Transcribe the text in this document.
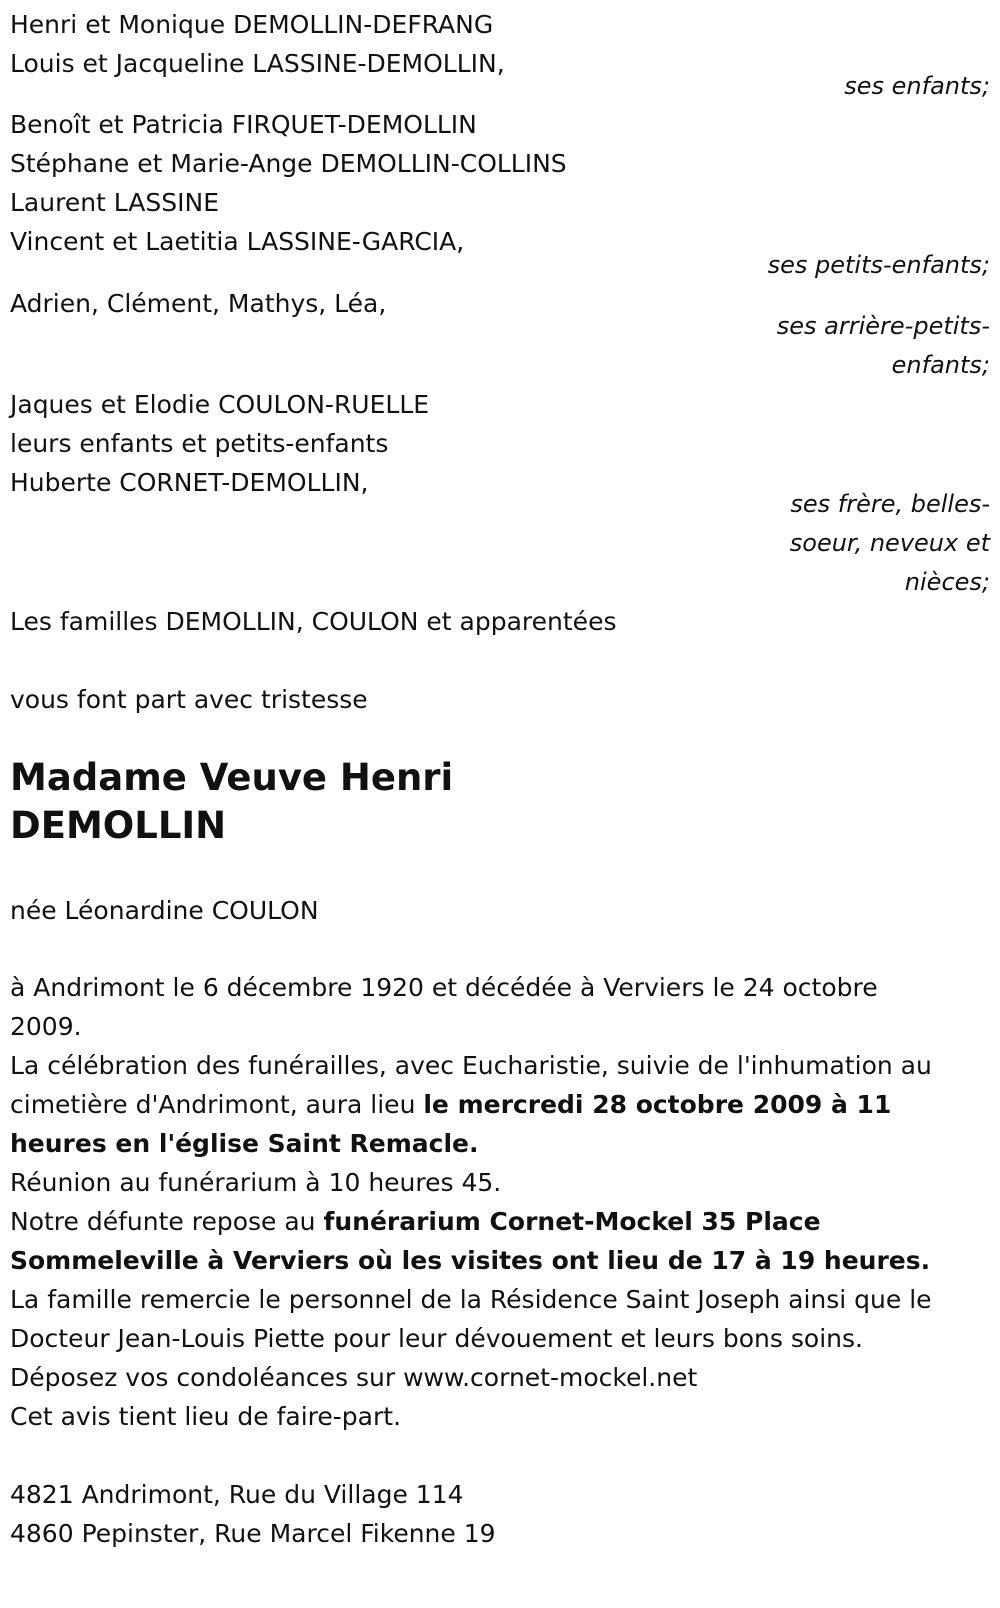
Henri et Monique DEMOLLIN-DEFRANG
Louis et Jacqueline LASSINE-DEMOLLIN,
ses enfants;
Benoît et Patricia FIRQUET-DEMOLLIN
Stéphane et Marie-Ange DEMOLLIN-COLLINS
Laurent LASSINE
Vincent et Laetitia LASSINE-GARCIA,
ses petits-enfants;
Adrien, Clément, Mathys, Léa,
ses arrière-petits-
enfants;
Jaques et Elodie COULON-RUELLE
leurs enfants et petits-enfants
Huberte CORNET-DEMOLLIN,
ses frère, belles-
soeur, neveux et
nièces;
Les familles DEMOLLIN, COULON et apparentées
vous font part avec tristesse
Madame Veuve Henri
DEMOLLIN
née Léonardine COULON
à Andrimont le 6 décembre 1920 et décédée à Verviers le 24 octobre
2009.
La célébration des funérailles, avec Eucharistie, suivie de l'inhumation au
cimetière d'Andrimont, aura lieu le mercredi 28 octobre 2009 à 11
heures en l'église Saint Remacle.
Réunion au funérarium à 10 heures 45.
Notre défunte repose au funérarium Cornet-Mockel 35 Place
Sommeleville à Verviers où les visites ont lieu de 17 à 19 heures.
La famille remercie le personnel de la Résidence Saint Joseph ainsi que le
Docteur Jean-Louis Piette pour leur dévouement et leurs bons soins.
Déposez vos condoléances sur www.cornet-mockel.net
Cet avis tient lieu de faire-part.
4821 Andrimont, Rue du Village 114
4860 Pepinster, Rue Marcel Fikenne 19
